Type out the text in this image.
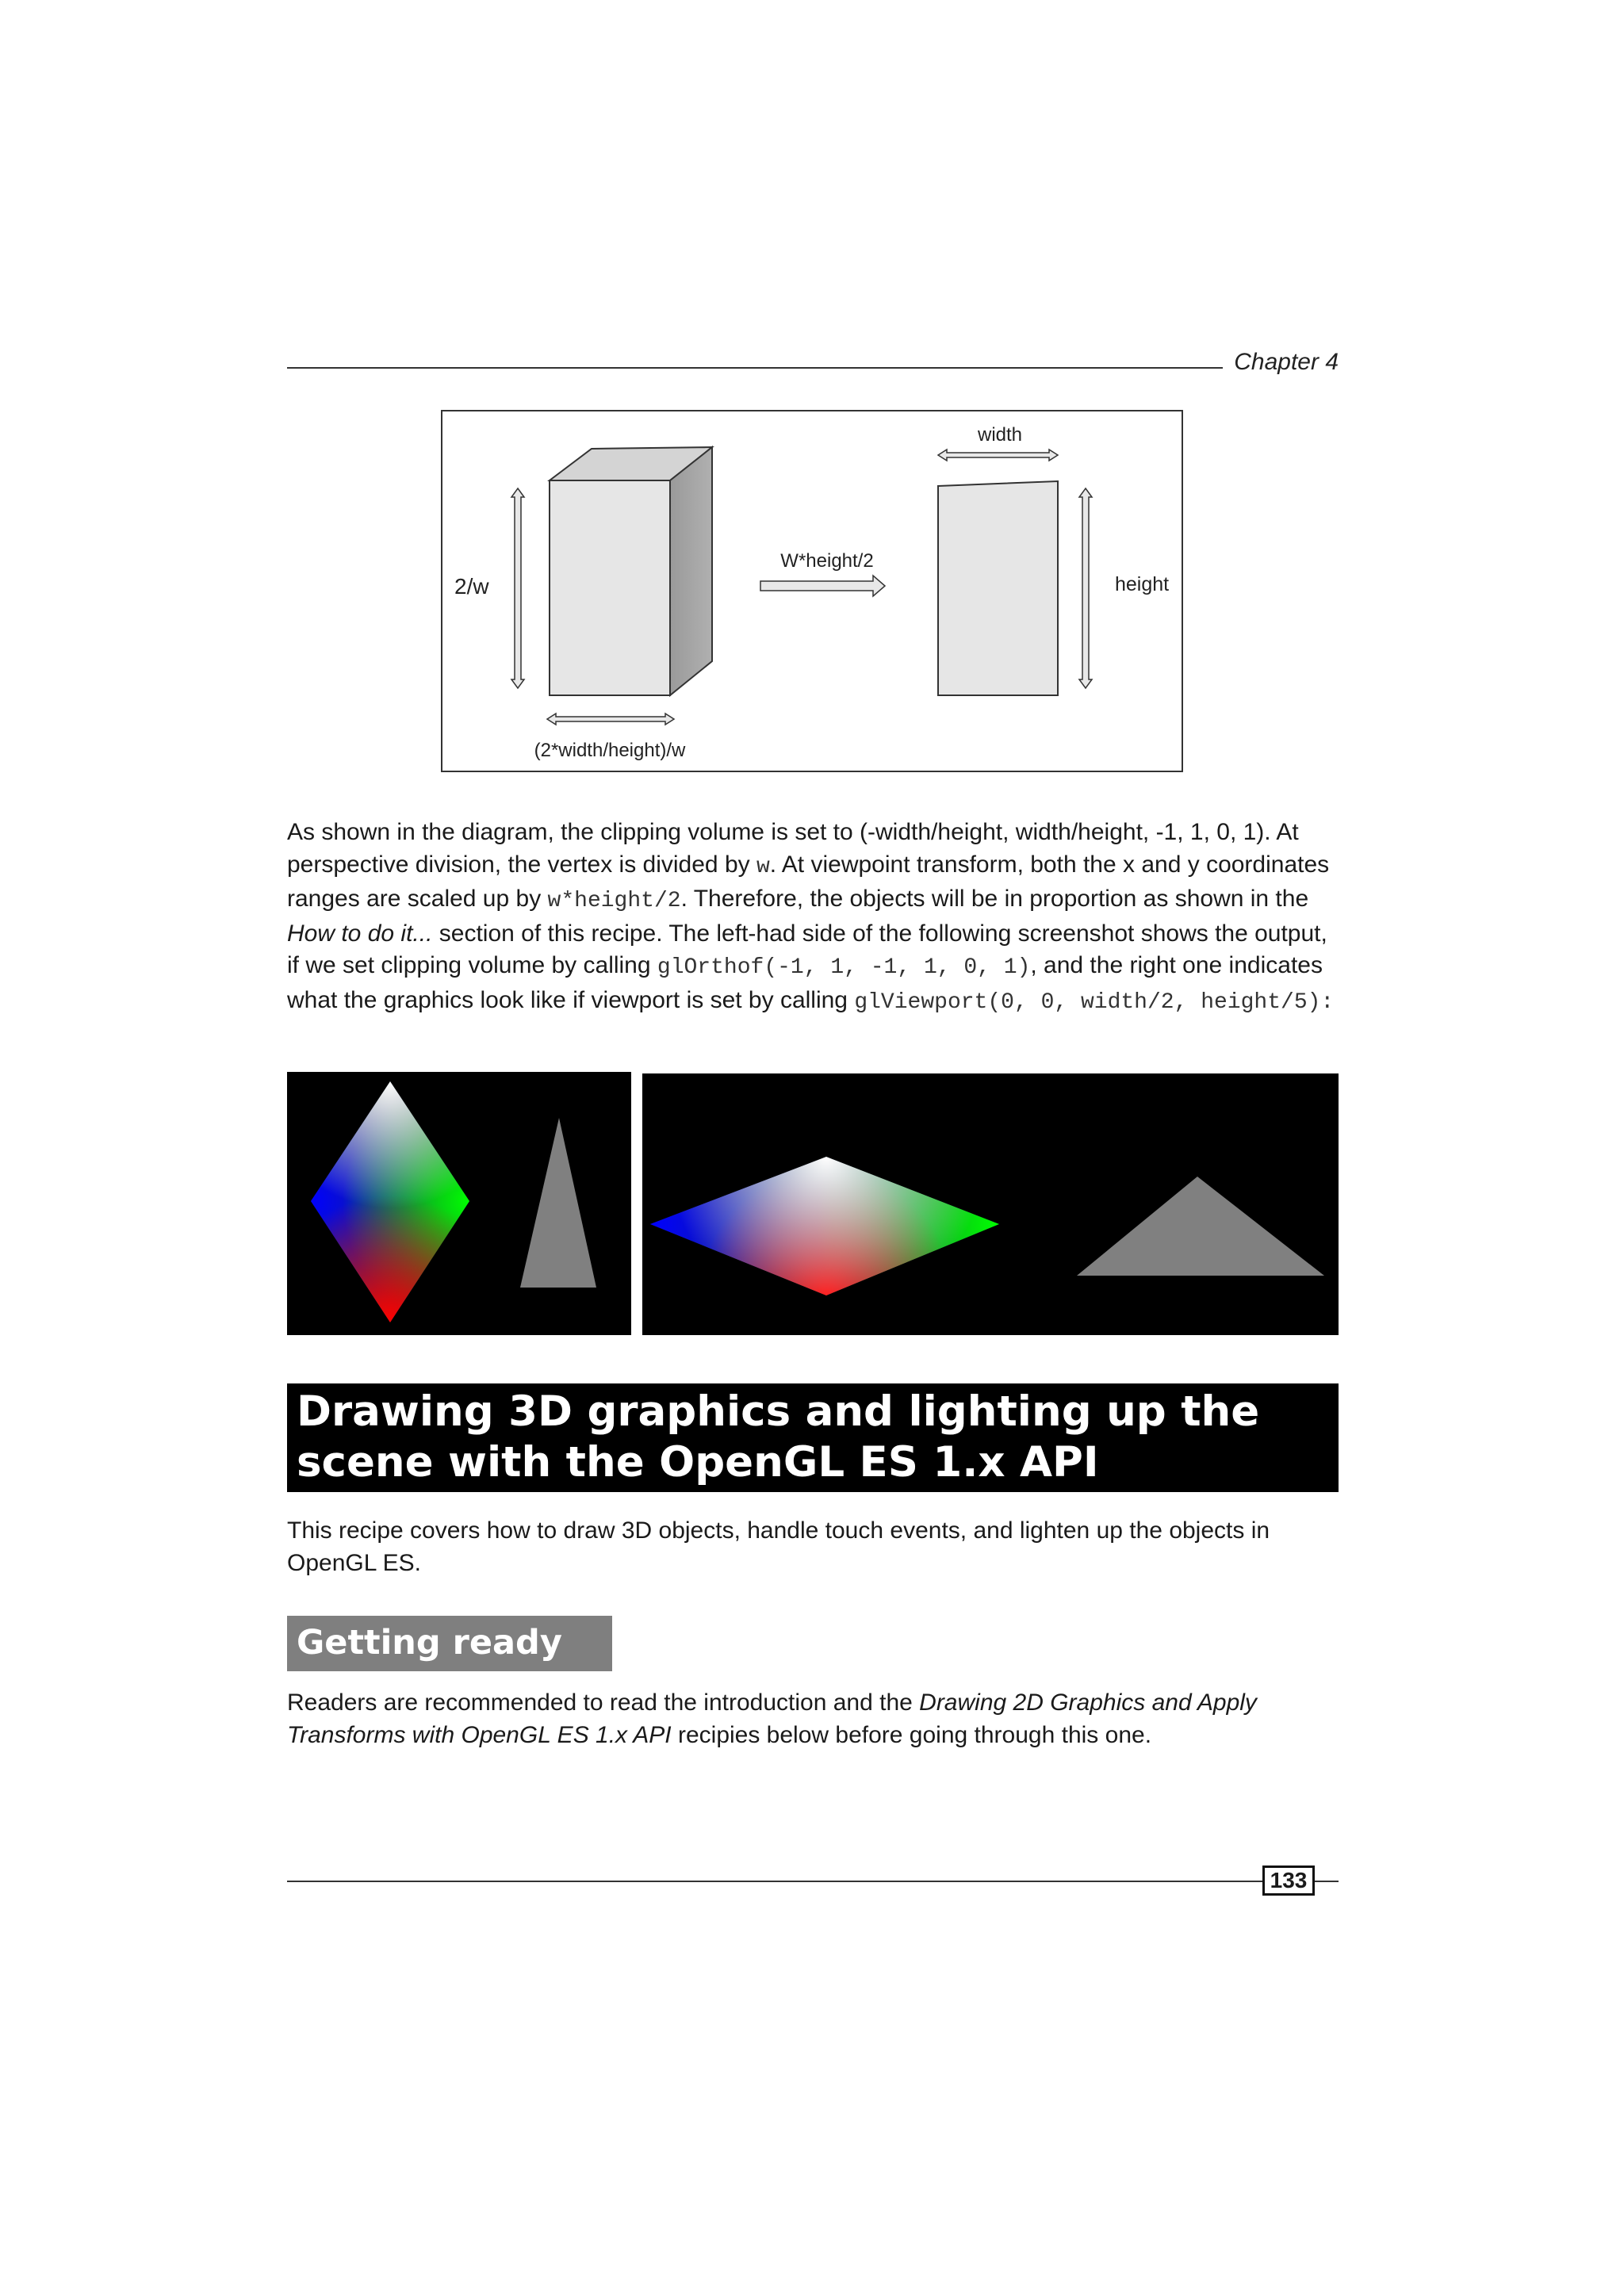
Chapter 4
2/w
(2*width/height)/w
W*height/2
width
height
As shown in the diagram, the clipping volume is set to (-width/height, width/height, -1, 1, 0, 1). At perspective division, the vertex is divided by w. At viewpoint transform, both the x and y coordinates ranges are scaled up by w*height/2. Therefore, the objects will be in proportion as shown in the How to do it... section of this recipe. The left-had side of the following screenshot shows the output, if we set clipping volume by calling glOrthof(-1, 1, -1, 1, 0, 1), and the right one indicates what the graphics look like if viewport is set by calling glViewport(0, 0, width/2, height/5):
Drawing 3D graphics and lighting up the
scene with the OpenGL ES 1.x API
This recipe covers how to draw 3D objects, handle touch events, and lighten up the objects in OpenGL ES.
Getting ready
Readers are recommended to read the introduction and the Drawing 2D Graphics and Apply Transforms with OpenGL ES 1.x API recipies below before going through this one.
133
